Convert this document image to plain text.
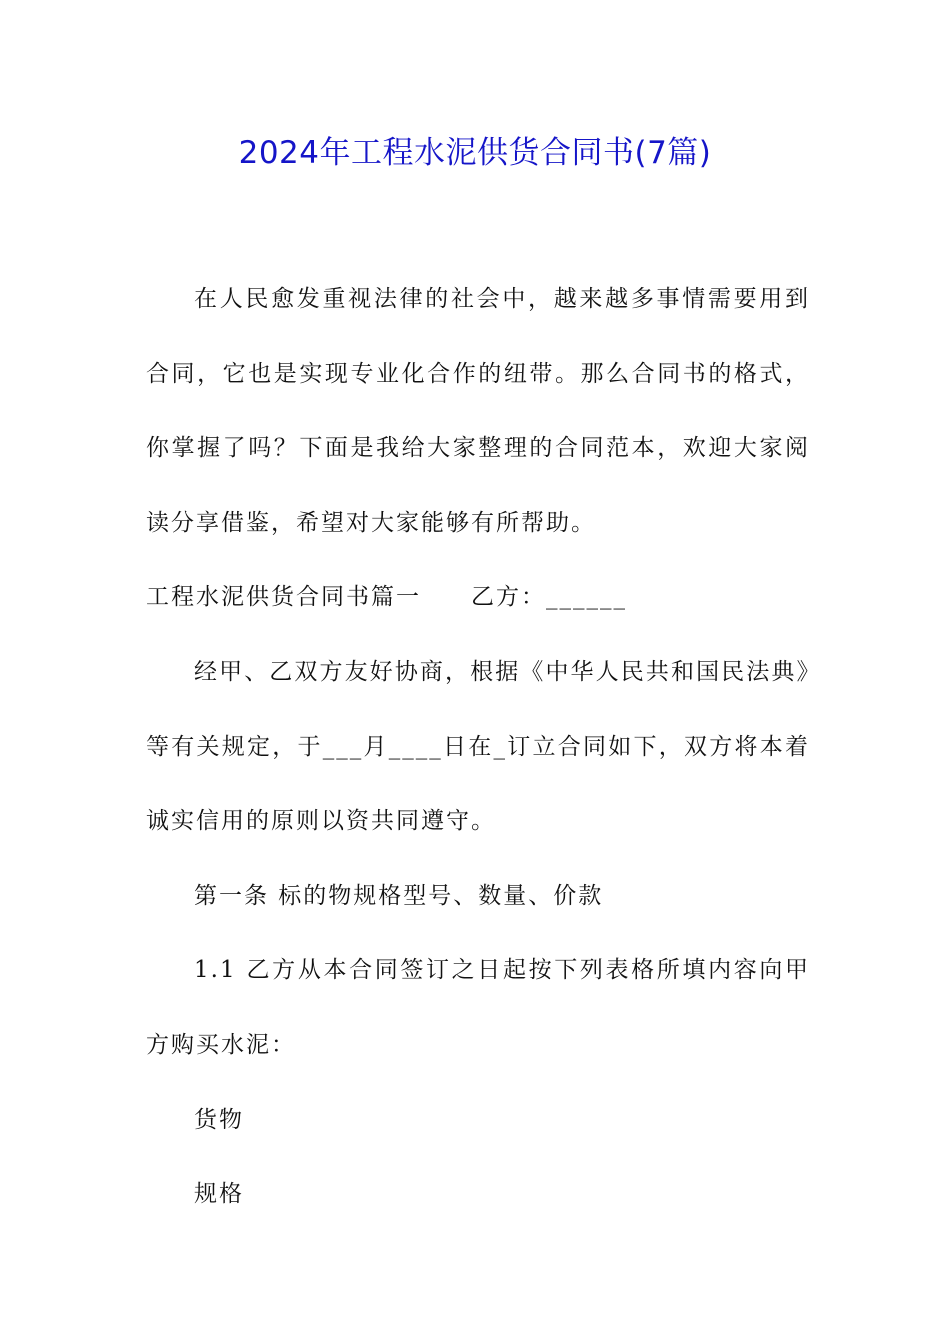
2024年工程水泥供货合同书(7篇)

在人民愈发重视法律的社会中，越来越多事情需要用到合同，它也是实现专业化合作的纽带。那么合同书的格式，你掌握了吗？下面是我给大家整理的合同范本，欢迎大家阅读分享借鉴，希望对大家能够有所帮助。

工程水泥供货合同书篇一 乙方：______

经甲、乙双方友好协商，根据《中华人民共和国民法典》等有关规定，于___月____日在_订立合同如下，双方将本着诚实信用的原则以资共同遵守。

第一条 标的物规格型号、数量、价款

1.1 乙方从本合同签订之日起按下列表格所填内容向甲方购买水泥：

货物

规格
